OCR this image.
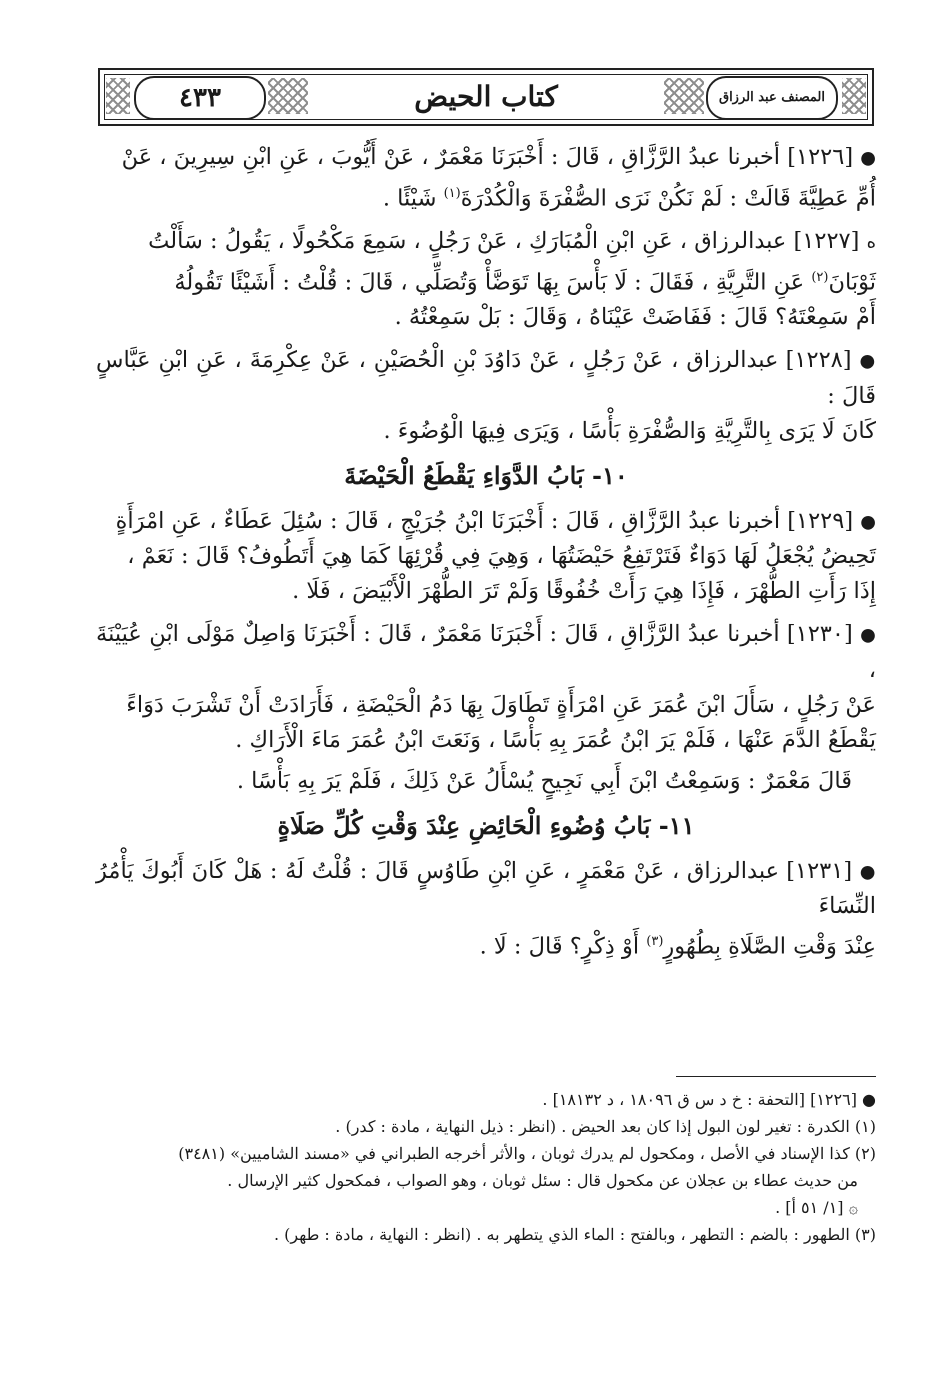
٤٣٣	كتاب الحيض	المصنف عبد الرزاق

● [١٢٢٦] أخبرنا عبدُ الرَّزَّاقِ ، قَالَ : أَخْبَرَنَا مَعْمَرٌ ، عَنْ أَيُّوبَ ، عَنِ ابْنِ سِيرِينَ ، عَنْ
أُمِّ عَطِيَّةَ قَالَتْ : لَمْ نَكُنْ نَرَى الصُّفْرَةَ وَالْكُدْرَةَ$^{(١)}$ شَيْئًا .

ه [١٢٢٧] عبدالرزاق ، عَنِ ابْنِ الْمُبَارَكِ ، عَنْ رَجُلٍ ، سَمِعَ مَكْحُولًا ، يَقُولُ : سَأَلْتُ
ثَوْبَانَ$^{(٢)}$ عَنِ التَّرِيَّةِ ، فَقَالَ : لَا بَأْسَ بِهَا تَوَضَّأْ وَتُصَلِّي ، قَالَ : قُلْتُ : أَشَيْئًا تَقُولُهُ
أَمْ سَمِعْتَهُ؟ قَالَ : فَفَاضَتْ عَيْنَاهُ ، وَقَالَ : بَلْ سَمِعْتُهُ .

● [١٢٢٨] عبدالرزاق ، عَنْ رَجُلٍ ، عَنْ دَاوُدَ بْنِ الْحُصَيْنِ ، عَنْ عِكْرِمَةَ ، عَنِ ابْنِ عَبَّاسٍ قَالَ :
كَانَ لَا يَرَى بِالتَّرِيَّةِ وَالصُّفْرَةِ بَأْسًا ، وَيَرَى فِيهَا الْوُضُوءَ .

١٠- بَابُ الدَّوَاءِ يَقْطَعُ الْحَيْضَةَ

● [١٢٢٩] أخبرنا عبدُ الرَّزَّاقِ ، قَالَ : أَخْبَرَنَا ابْنُ جُرَيْجٍ ، قَالَ : سُئِلَ عَطَاءٌ ، عَنِ امْرَأَةٍ
تَحِيضُ يُجْعَلُ لَهَا دَوَاءٌ فَتَرْتَفِعُ حَيْضَتُهَا ، وَهِيَ فِي قُرْئِهَا كَمَا هِيَ أَتَطُوفُ؟ قَالَ : نَعَمْ ،
إِذَا رَأَتِ الطُّهْرَ ، فَإِذَا هِيَ رَأَتْ خُفُوقًا وَلَمْ تَرَ الطُّهْرَ الْأَبْيَضَ ، فَلَا .

● [١٢٣٠] أخبرنا عبدُ الرَّزَّاقِ ، قَالَ : أَخْبَرَنَا مَعْمَرٌ ، قَالَ : أَخْبَرَنَا وَاصِلٌ مَوْلَى ابْنِ عُيَيْنَةَ ،
عَنْ رَجُلٍ ، سَأَلَ ابْنَ عُمَرَ عَنِ امْرَأَةٍ تَطَاوَلَ بِهَا دَمُ الْحَيْضَةِ ، فَأَرَادَتْ أَنْ تَشْرَبَ دَوَاءً
يَقْطَعُ الدَّمَ عَنْهَا ، فَلَمْ يَرَ ابْنُ عُمَرَ بِهِ بَأْسًا ، وَنَعَتَ ابْنُ عُمَرَ مَاءَ الْأَرَاكِ .

قَالَ مَعْمَرٌ : وَسَمِعْتُ ابْنَ أَبِي نَجِيحٍ يُسْأَلُ عَنْ ذَلِكَ ، فَلَمْ يَرَ بِهِ بَأْسًا .

١١- بَابُ وُضُوءِ الْحَائِضِ عِنْدَ وَقْتِ كُلِّ صَلَاةٍ

● [١٢٣١] عبدالرزاق ، عَنْ مَعْمَرٍ ، عَنِ ابْنِ طَاوُسٍ قَالَ : قُلْتُ لَهُ : هَلْ كَانَ أَبُوكَ يَأْمُرُ النِّسَاءَ
عِنْدَ وَقْتِ الصَّلَاةِ بِطُهُورٍ$^{(٣)}$ أَوْ ذِكْرٍ؟ قَالَ : لَا .

● [١٢٢٦] [التحفة : خ د س ق ١٨٠٩٦ ، د ١٨١٣٢] .

(١) الكدرة : تغير لون البول إذا كان بعد الحيض . (انظر : ذيل النهاية ، مادة : كدر) .

(٢) كذا الإسناد في الأصل ، ومكحول لم يدرك ثوبان ، والأثر أخرجه الطبراني في «مسند الشاميين» (٣٤٨١)

من حديث عطاء بن عجلان عن مكحول قال : سئل ثوبان ، وهو الصواب ، فمكحول كثير الإرسال .

۞ [١/ ٥١ أ] .

(٣) الطهور : بالضم : التطهر ، وبالفتح : الماء الذي يتطهر به . (انظر : النهاية ، مادة : طهر) .
